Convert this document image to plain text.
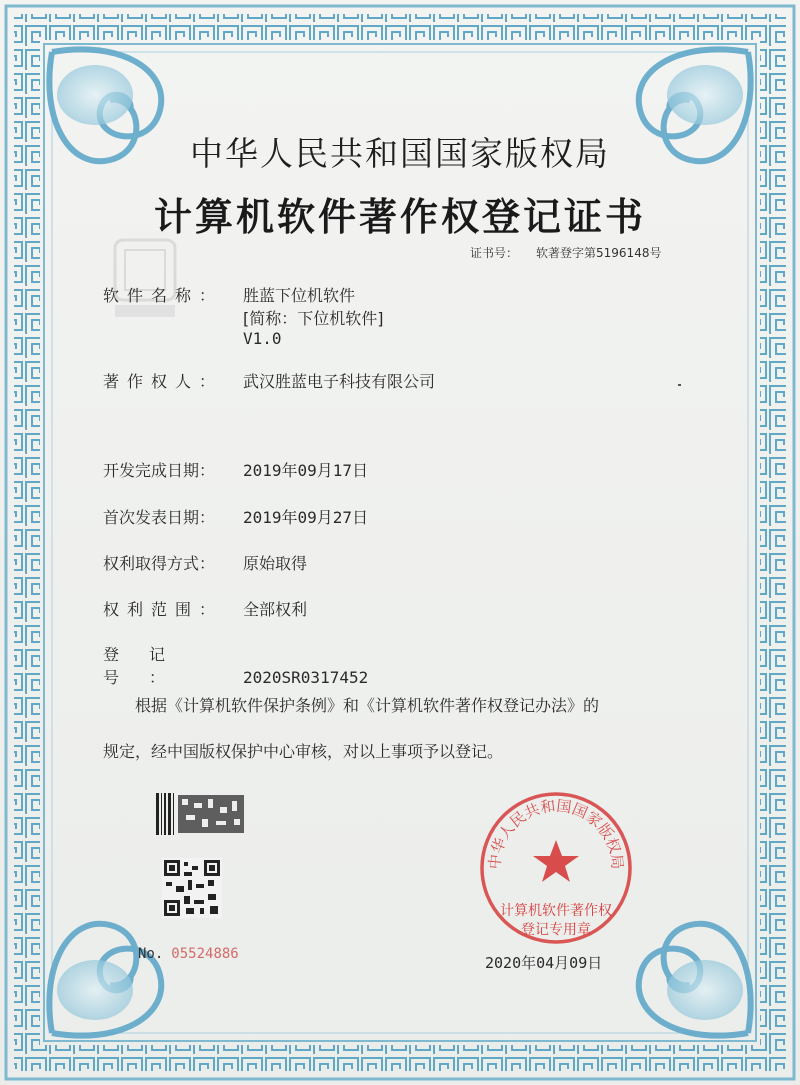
中华人民共和国国家版权局
计算机软件著作权登记证书
证书号： 软著登字第5196148号
软件名称： 胜蓝下位机软件
[简称：下位机软件]
V1.0
著作权人： 武汉胜蓝电子科技有限公司
开发完成日期： 2019年09月17日
首次发表日期： 2019年09月27日
权利取得方式： 原始取得
权利范围： 全部权利
登记号：	2020SR0317452
根据《计算机软件保护条例》和《计算机软件著作权登记办法》的
规定，经中国版权保护中心审核，对以上事项予以登记。
No. 05524886
中华人民共和国国家版权局
计算机软件著作权
登记专用章
2020年04月09日
